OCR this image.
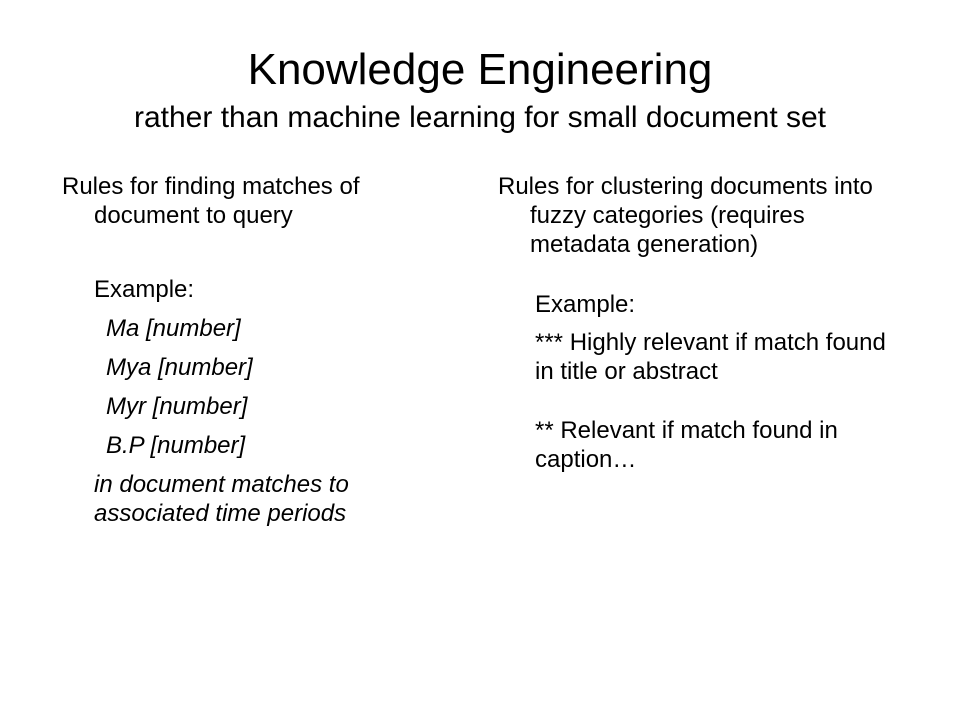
Knowledge Engineering
rather than machine learning for small document set

Rules for finding matches of document to query

Example:

Ma [number]

Mya [number]

Myr [number]

B.P [number]

in document matches to associated time periods

Rules for clustering documents into fuzzy categories (requires metadata generation)

Example:

*** Highly relevant if match found in title or abstract

** Relevant if match found in caption…
